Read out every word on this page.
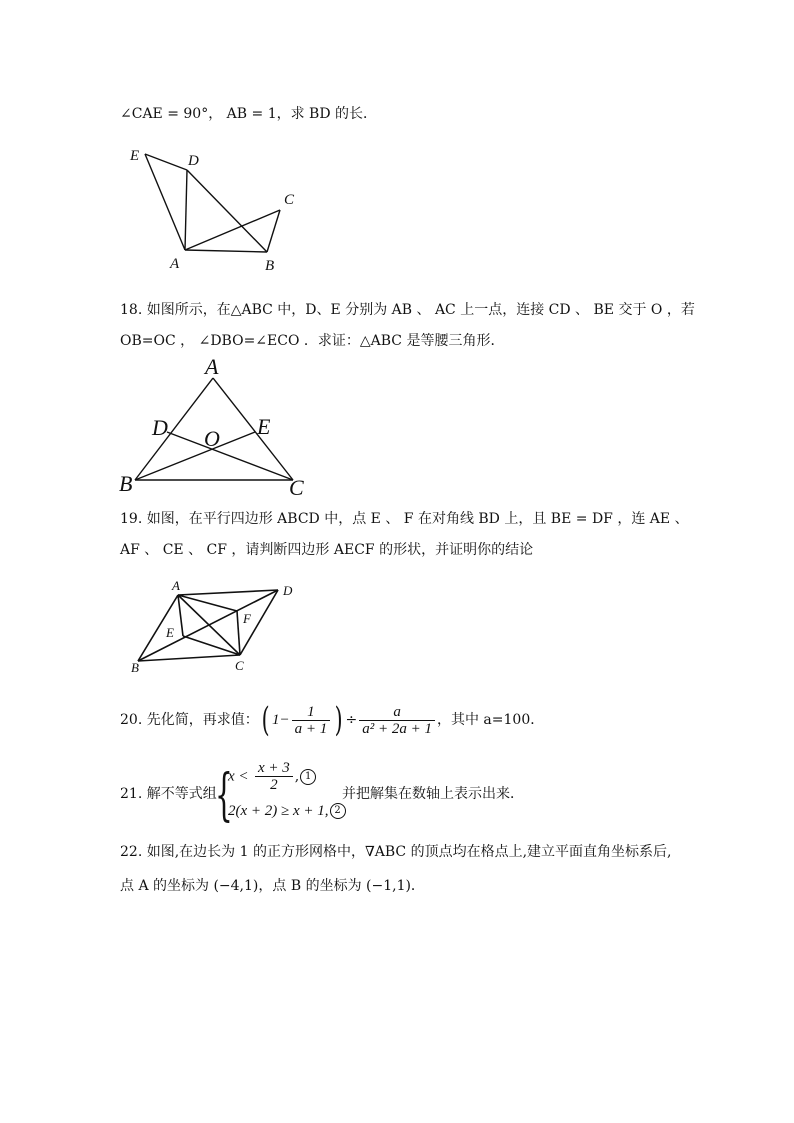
∠CAE = 90°， AB = 1，求 BD 的长．
E	D
C
A	B
18. 如图所示，在△ABC 中，D、E 分别为 AB 、 AC 上一点，连接 CD 、 BE 交于 O ，若
OB=OC ， ∠DBO=∠ECO ．求证：△ABC 是等腰三角形．
A
D	E
O
B	C
19. 如图，在平行四边形 ABCD 中，点 E 、 F 在对角线 BD 上，且 BE = DF ，连 AE 、
AF 、 CE 、 CF ，请判断四边形 AECF 的形状，并证明你的结论
A	D
E
F
B	C
20. 先化简，再求值：( $1- \frac{1}{a + 1}$ ) ÷ $\frac{a}{\text{a² + 2a + 1}}$ ，其中 a=100．
21. 解不等式组
{
$x < \frac{x + 3}{2}$ , 1
2(x + 2) ≥ x + 1, 2
并把解集在数轴上表示出来．
22. 如图,在边长为 1 的正方形网格中，∇ABC 的顶点均在格点上,建立平面直角坐标系后,
点 A 的坐标为 (−4,1)，点 B 的坐标为 (−1,1)．
